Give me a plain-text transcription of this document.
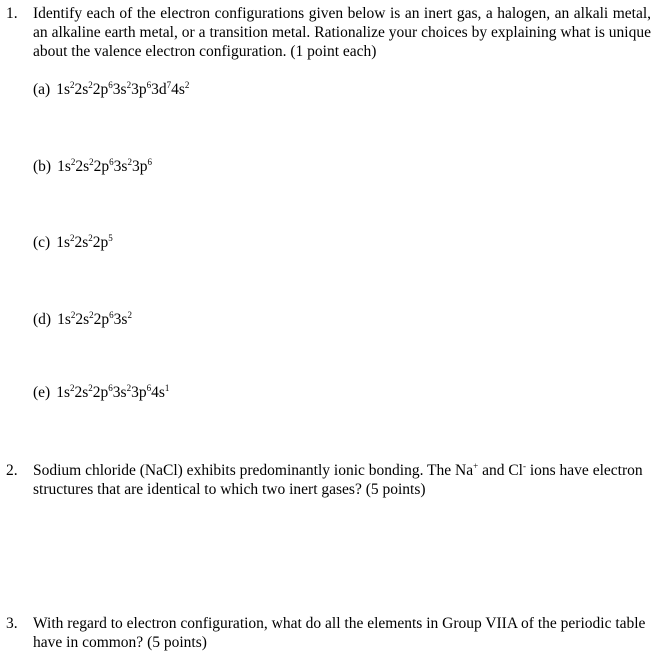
1. Identify each of the electron configurations given below is an inert gas, a halogen, an alkali metal, an alkaline earth metal, or a transition metal. Rationalize your choices by explaining what is unique about the valence electron configuration. (1 point each)
(a) $1s^22s^22p^63s^23p^63d^74s^2$
(b) $1s^22s^22p^63s^23p^6$
(c) $1s^22s^22p^5$
(d) $1s^22s^22p^63s^2$
(e) $1s^22s^22p^63s^23p^64s^1$
2. Sodium chloride (NaCl) exhibits predominantly ionic bonding. The Na+ and Cl- ions have electron structures that are identical to which two inert gases? (5 points)
3. With regard to electron configuration, what do all the elements in Group VIIA of the periodic table have in common? (5 points)
